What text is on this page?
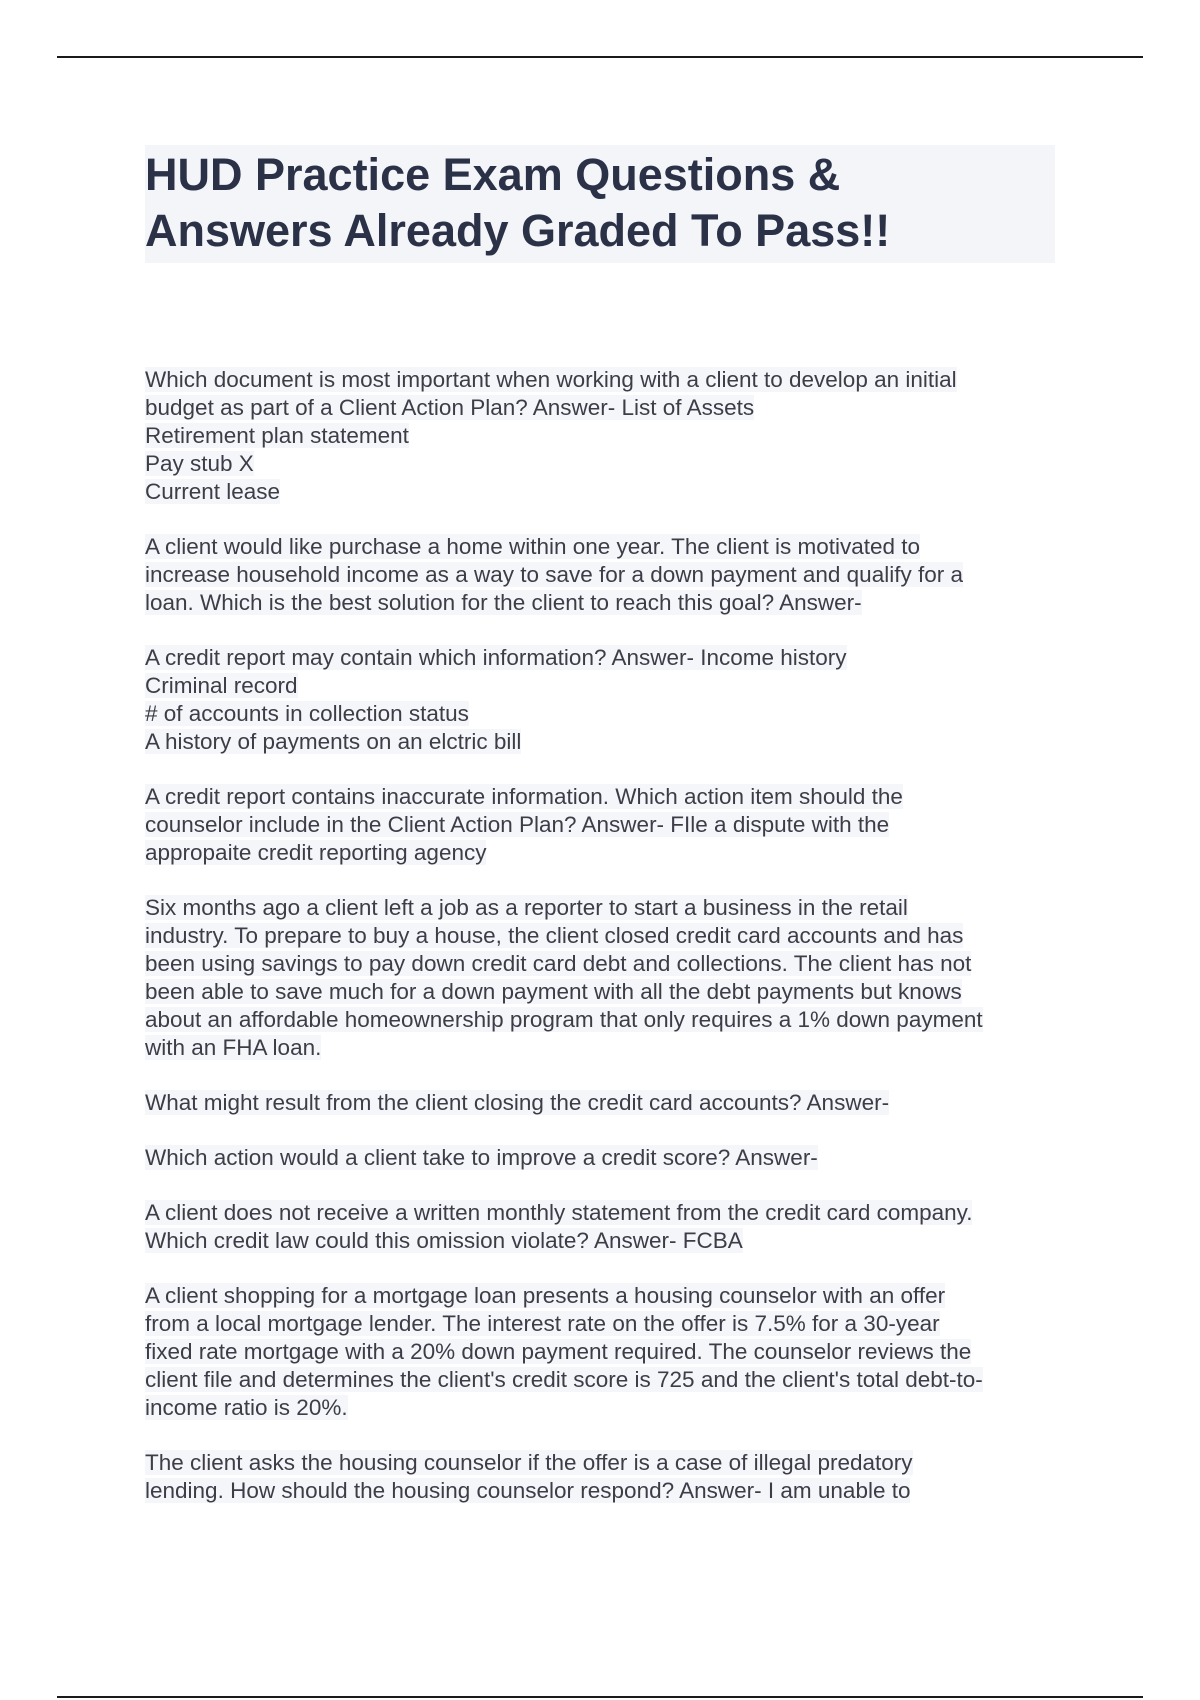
HUD Practice Exam Questions &
Answers Already Graded To Pass!!
Which document is most important when working with a client to develop an initial
budget as part of a Client Action Plan? Answer- List of Assets
Retirement plan statement
Pay stub X
Current lease
A client would like purchase a home within one year. The client is motivated to
increase household income as a way to save for a down payment and qualify for a
loan. Which is the best solution for the client to reach this goal? Answer-
A credit report may contain which information? Answer- Income history
Criminal record
# of accounts in collection status
A history of payments on an elctric bill
A credit report contains inaccurate information. Which action item should the
counselor include in the Client Action Plan? Answer- FIle a dispute with the
appropaite credit reporting agency
Six months ago a client left a job as a reporter to start a business in the retail
industry. To prepare to buy a house, the client closed credit card accounts and has
been using savings to pay down credit card debt and collections. The client has not
been able to save much for a down payment with all the debt payments but knows
about an affordable homeownership program that only requires a 1% down payment
with an FHA loan.
What might result from the client closing the credit card accounts? Answer-
Which action would a client take to improve a credit score? Answer-
A client does not receive a written monthly statement from the credit card company.
Which credit law could this omission violate? Answer- FCBA
A client shopping for a mortgage loan presents a housing counselor with an offer
from a local mortgage lender. The interest rate on the offer is 7.5% for a 30-year
fixed rate mortgage with a 20% down payment required. The counselor reviews the
client file and determines the client's credit score is 725 and the client's total debt-to-
income ratio is 20%.
The client asks the housing counselor if the offer is a case of illegal predatory
lending. How should the housing counselor respond? Answer- I am unable to
